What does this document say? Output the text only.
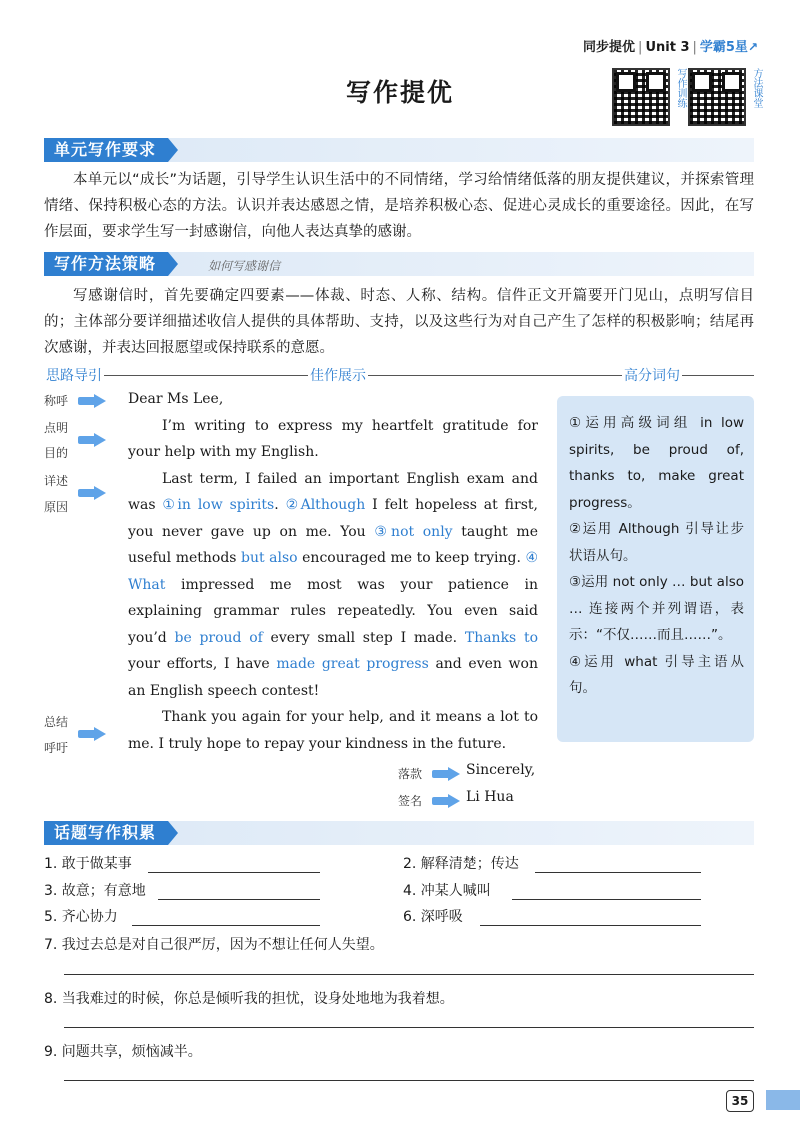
同步提优 | Unit 3 | 学霸5星↗
写作提优	写作训练	方法课堂
单元写作要求
本单元以“成长”为话题，引导学生认识生活中的不同情绪，学习给情绪低落的朋友提供建议，并探索管理情绪、保持积极心态的方法。认识并表达感恩之情，是培养积极心态、促进心灵成长的重要途径。因此，在写作层面，要求学生写一封感谢信，向他人表达真挚的感谢。
写作方法策略	如何写感谢信
写感谢信时，首先要确定四要素——体裁、时态、人称、结构。信件正文开篇要开门见山，点明写信目的；主体部分要详细描述收信人提供的具体帮助、支持，以及这些行为对自己产生了怎样的积极影响；结尾再次感谢，并表达回报愿望或保持联系的意愿。
思路导引	佳作展示	高分词句
称呼
点明
目的
详述
原因
总结
呼吁

Dear Ms Lee,

I’m writing to express my heartfelt gratitude for your help with my English.

Last term, I failed an important English exam and was ①in low spirits. ②Although I felt hopeless at first, you never gave up on me. You ③not only taught me useful methods but also encouraged me to keep trying. ④ What impressed me most was your patience in explaining grammar rules repeatedly. You even said you’d be proud of every small step I made. Thanks to your efforts, I have made great progress and even won an English speech contest!

Thank you again for your help, and it means a lot to me. I truly hope to repay your kindness in the future.

落款	Sincerely,
签名	Li Hua

①运用高级词组 in low spirits, be proud of, thanks to, make great progress。

②运用 Although 引导让步状语从句。

③运用 not only … but also … 连接两个并列谓语，表示：“不仅……而且……”。

④运用 what 引导主语从句。

话题写作积累
1. 敢于做某事	2. 解释清楚；传达
3. 故意；有意地	4. 冲某人喊叫
5. 齐心协力	6. 深呼吸
7. 我过去总是对自己很严厉，因为不想让任何人失望。
8. 当我难过的时候，你总是倾听我的担忧，设身处地地为我着想。
9. 问题共享，烦恼减半。
35
